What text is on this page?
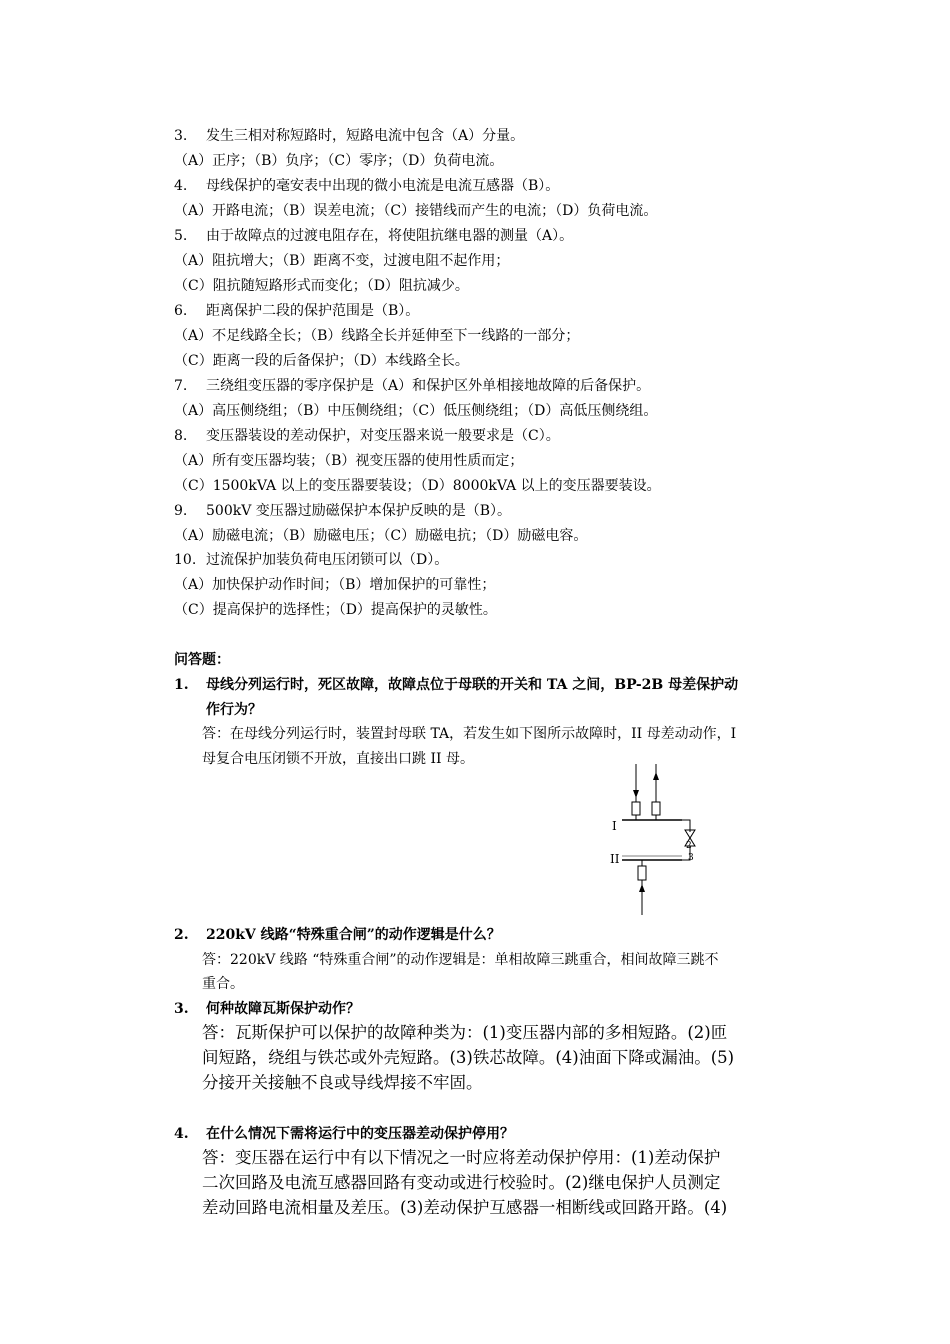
3. 发生三相对称短路时，短路电流中包含（A）分量。
（A）正序；（B）负序；（C）零序；（D）负荷电流。
4. 母线保护的毫安表中出现的微小电流是电流互感器（B）。
（A）开路电流；（B）误差电流；（C）接错线而产生的电流；（D）负荷电流。
5. 由于故障点的过渡电阻存在，将使阻抗继电器的测量（A）。
（A）阻抗增大；（B）距离不变，过渡电阻不起作用；
（C）阻抗随短路形式而变化；（D）阻抗减少。
6. 距离保护二段的保护范围是（B）。
（A）不足线路全长；（B）线路全长并延伸至下一线路的一部分；
（C）距离一段的后备保护；（D）本线路全长。
7. 三绕组变压器的零序保护是（A）和保护区外单相接地故障的后备保护。
（A）高压侧绕组；（B）中压侧绕组；（C）低压侧绕组；（D）高低压侧绕组。
8. 变压器装设的差动保护，对变压器来说一般要求是（C）。
（A）所有变压器均装；（B）视变压器的使用性质而定；
（C）1500kVA 以上的变压器要装设；（D）8000kVA 以上的变压器要装设。
9. 500kV 变压器过励磁保护本保护反映的是（B）。
（A）励磁电流；（B）励磁电压；（C）励磁电抗；（D）励磁电容。
10. 过流保护加装负荷电压闭锁可以（D）。
（A）加快保护动作时间；（B）增加保护的可靠性；
（C）提高保护的选择性；（D）提高保护的灵敏性。
问答题：
1. 母线分列运行时，死区故障，故障点位于母联的开关和 TA 之间，BP-2B 母差保护动
作行为？
答：在母线分列运行时，装置封母联 TA，若发生如下图所示故障时，II 母差动动作，I
母复合电压闭锁不开放，直接出口跳 II 母。
I
II
2
3
2. 220kV 线路“特殊重合闸”的动作逻辑是什么？
答：220kV 线路 “特殊重合闸”的动作逻辑是：单相故障三跳重合，相间故障三跳不
重合。
3. 何种故障瓦斯保护动作？
答：瓦斯保护可以保护的故障种类为：(1)变压器内部的多相短路。(2)匝
间短路，绕组与铁芯或外壳短路。(3)铁芯故障。(4)油面下降或漏油。(5)
分接开关接触不良或导线焊接不牢固。
4. 在什么情况下需将运行中的变压器差动保护停用？
答：变压器在运行中有以下情况之一时应将差动保护停用：(1)差动保护
二次回路及电流互感器回路有变动或进行校验时。(2)继电保护人员测定
差动回路电流相量及差压。(3)差动保护互感器一相断线或回路开路。(4)
